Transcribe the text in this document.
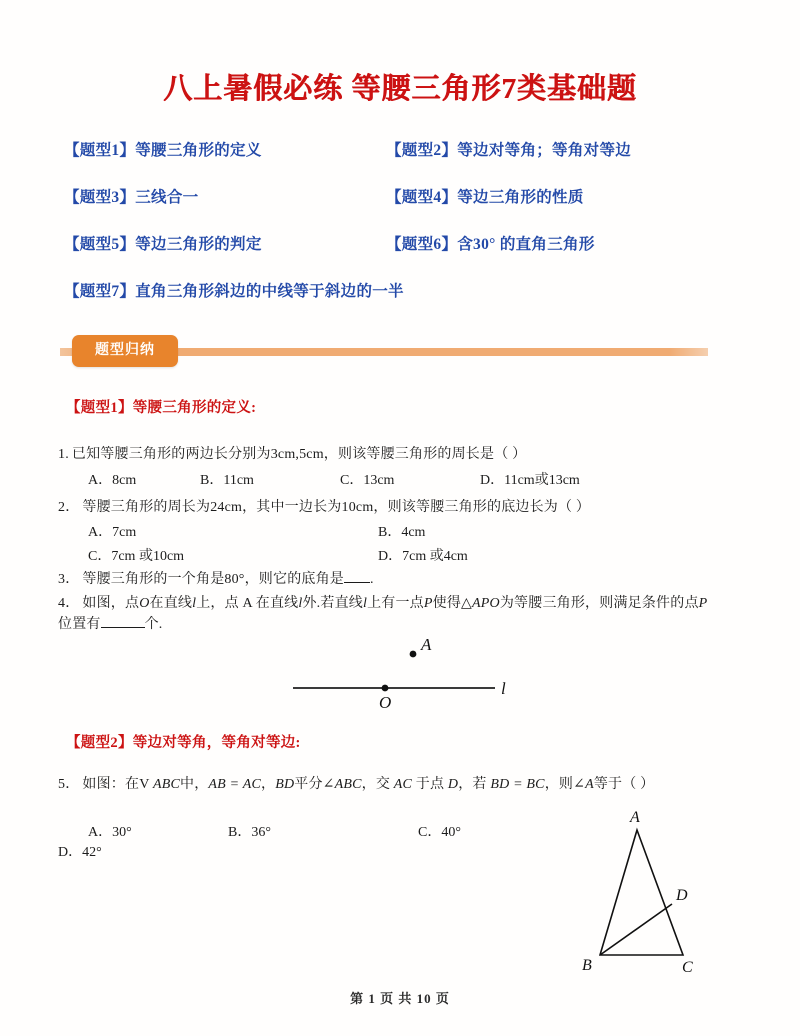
八上暑假必练 等腰三角形7类基础题
【题型1】等腰三角形的定义	【题型2】等边对等角；等角对等边
【题型3】三线合一	【题型4】等边三角形的性质
【题型5】等边三角形的判定	【题型6】含30° 的直角三角形
【题型7】直角三角形斜边的中线等于斜边的一半
题型归纳
【题型1】等腰三角形的定义:
1. 已知等腰三角形的两边长分别为3cm,5cm，则该等腰三角形的周长是（ ）
A．8cm	B．11cm	C．13cm	D．11cm或13cm
2． 等腰三角形的周长为24cm，其中一边长为10cm，则该等腰三角形的底边长为（ ）
A．7cm	B．4cm
C．7cm 或10cm	D．7cm 或4cm
3． 等腰三角形的一个角是80°，则它的底角是 .
4． 如图，点O在直线l上，点 A 在直线l外.若直线l上有一点P使得△APO为等腰三角形，则满足条件的点P
位置有	个.
A
O
l
【题型2】等边对等角，等角对等边:
5． 如图：在V ABC中，AB = AC，BD平分∠ABC，交 AC 于点 D，若 BD = BC，则∠A等于（ ）
A．30°	B．36°	C．40°D．42°
A
B	C
D
第 1 页 共 10 页
